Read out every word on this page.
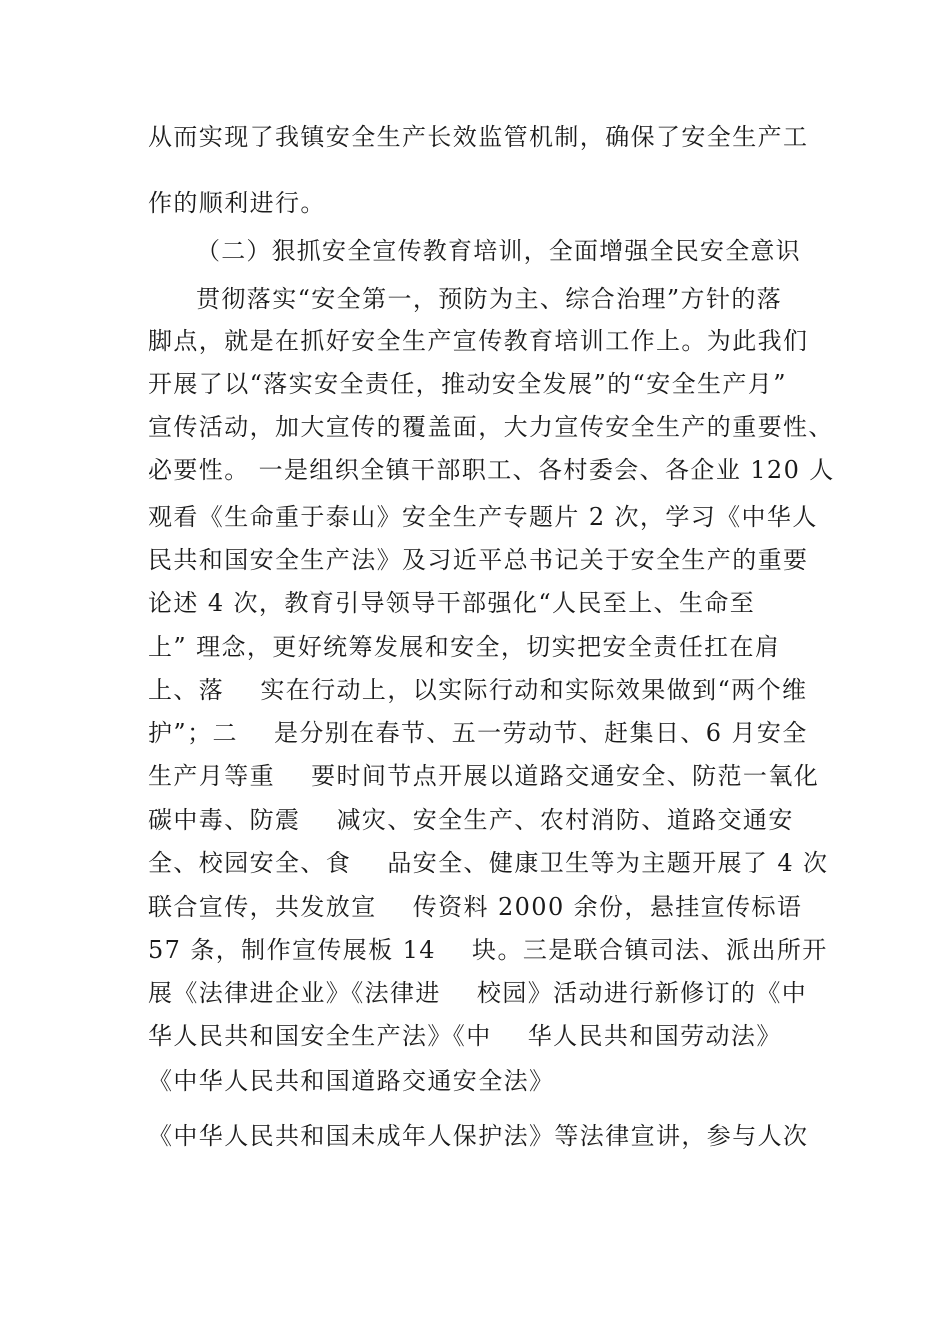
从而实现了我镇安全生产长效监管机制，确保了安全生产工
作的顺利进行。
（二）狠抓安全宣传教育培训，全面增强全民安全意识
贯彻落实“安全第一，预防为主、综合治理”方针的落
脚点，就是在抓好安全生产宣传教育培训工作上。为此我们
开展了以“落实安全责任，推动安全发展”的“安全生产月”
宣传活动，加大宣传的覆盖面，大力宣传安全生产的重要性、
必要性。 一是组织全镇干部职工、各村委会、各企业 120 人
观看《生命重于泰山》安全生产专题片 2 次，学习《中华人
民共和国安全生产法》及习近平总书记关于安全生产的重要
论述 4 次，教育引导领导干部强化“人民至上、生命至
上” 理念，更好统筹发展和安全，切实把安全责任扛在肩
上、落    实在行动上，以实际行动和实际效果做到“两个维
护”；二    是分别在春节、五一劳动节、赶集日、6 月安全
生产月等重    要时间节点开展以道路交通安全、防范一氧化
碳中毒、防震    减灾、安全生产、农村消防、道路交通安
全、校园安全、食    品安全、健康卫生等为主题开展了 4 次
联合宣传，共发放宣    传资料 2000 余份，悬挂宣传标语
57 条，制作宣传展板 14    块。三是联合镇司法、派出所开
展《法律进企业》《法律进    校园》活动进行新修订的《中
华人民共和国安全生产法》《中    华人民共和国劳动法》
《中华人民共和国道路交通安全法》
《中华人民共和国未成年人保护法》等法律宣讲，参与人次
